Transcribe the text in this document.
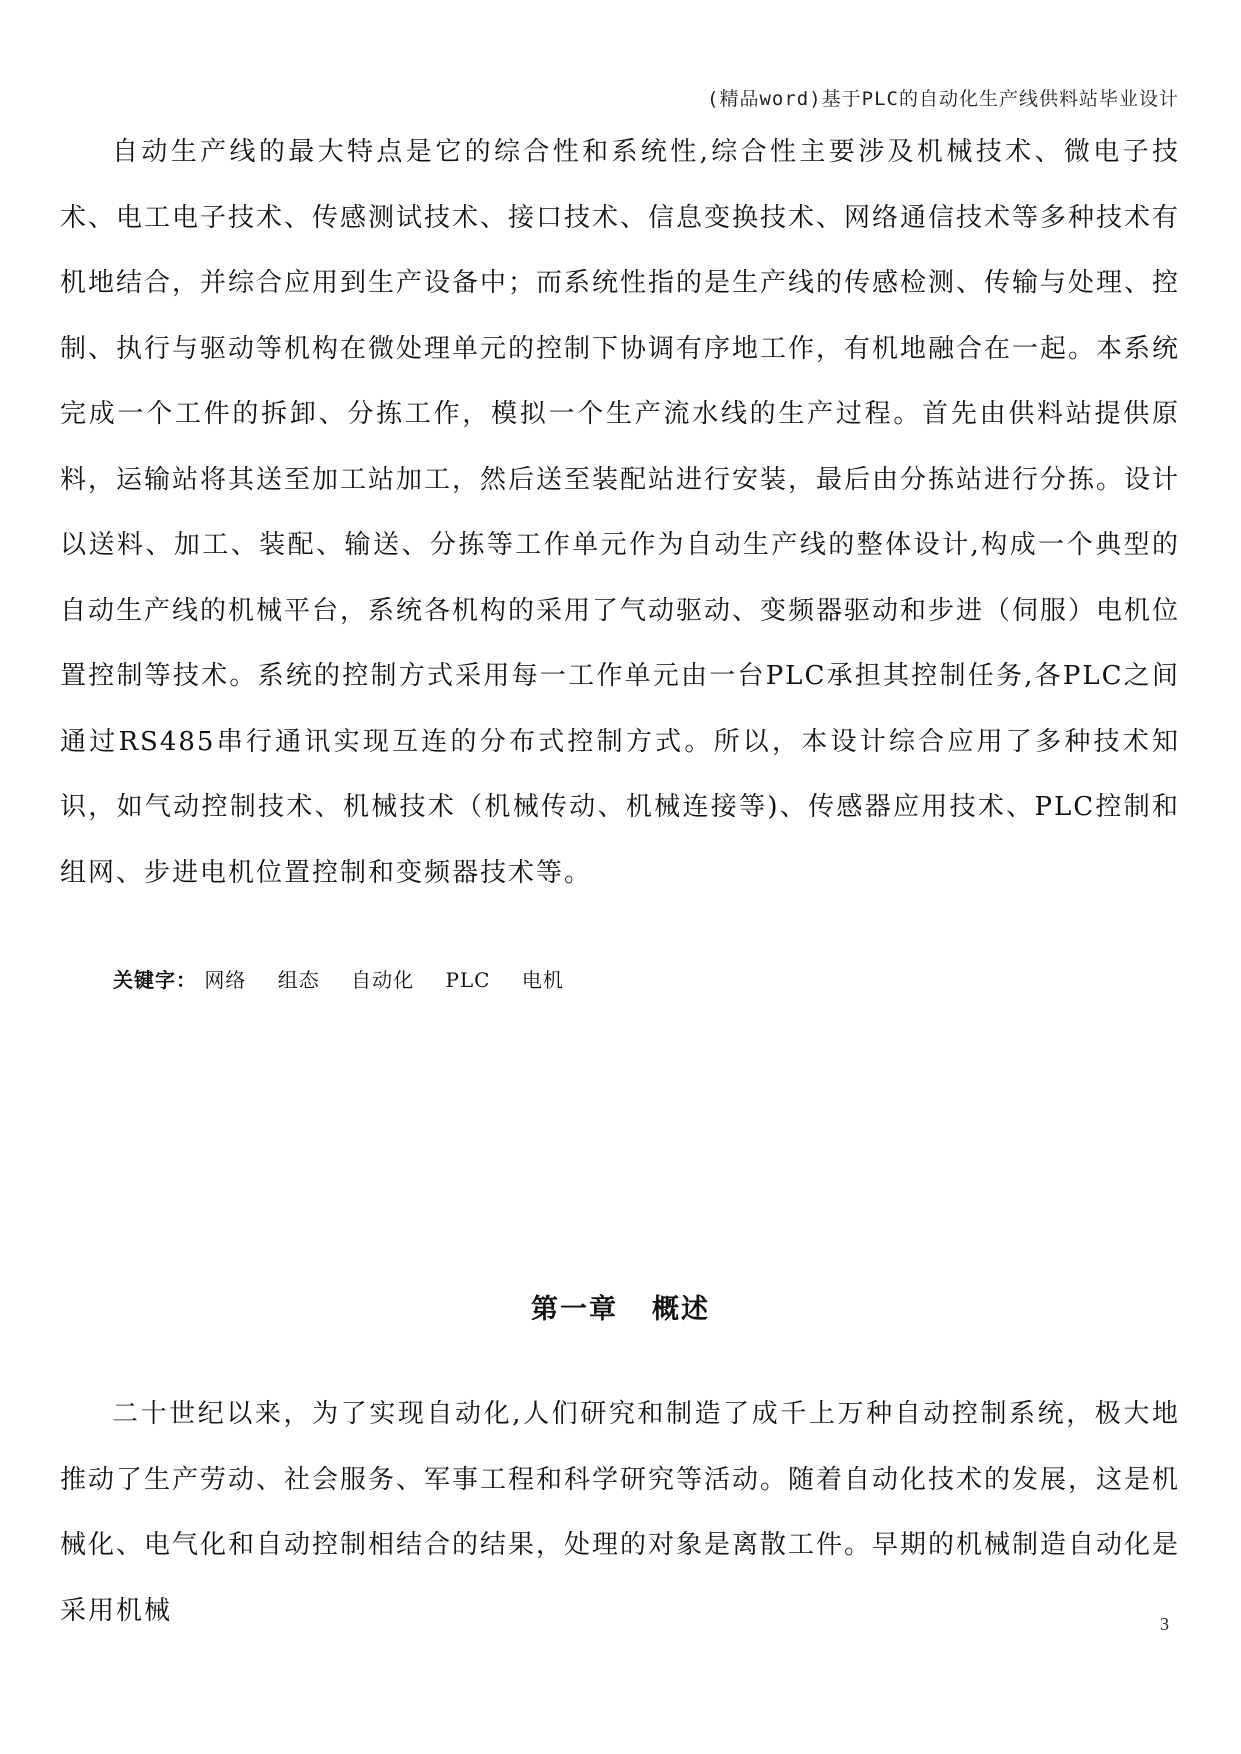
(精品word)基于PLC的自动化生产线供料站毕业设计

自动生产线的最大特点是它的综合性和系统性,综合性主要涉及机械技术、微电子技术、电工电子技术、传感测试技术、接口技术、信息变换技术、网络通信技术等多种技术有机地结合，并综合应用到生产设备中；而系统性指的是生产线的传感检测、传输与处理、控制、执行与驱动等机构在微处理单元的控制下协调有序地工作，有机地融合在一起。本系统完成一个工件的拆卸、分拣工作，模拟一个生产流水线的生产过程。首先由供料站提供原料，运输站将其送至加工站加工，然后送至装配站进行安装，最后由分拣站进行分拣。设计以送料、加工、装配、输送、分拣等工作单元作为自动生产线的整体设计,构成一个典型的自动生产线的机械平台，系统各机构的采用了气动驱动、变频器驱动和步进（伺服）电机位置控制等技术。系统的控制方式采用每一工作单元由一台PLC承担其控制任务,各PLC之间通过RS485串行通讯实现互连的分布式控制方式。所以，本设计综合应用了多种技术知识，如气动控制技术、机械技术（机械传动、机械连接等)、传感器应用技术、PLC控制和组网、步进电机位置控制和变频器技术等。

关键字： 网络 组态 自动化 PLC 电机
第一章 概述

二十世纪以来，为了实现自动化,人们研究和制造了成千上万种自动控制系统，极大地推动了生产劳动、社会服务、军事工程和科学研究等活动。随着自动化技术的发展，这是机械化、电气化和自动控制相结合的结果，处理的对象是离散工件。早期的机械制造自动化是采用机械	3
